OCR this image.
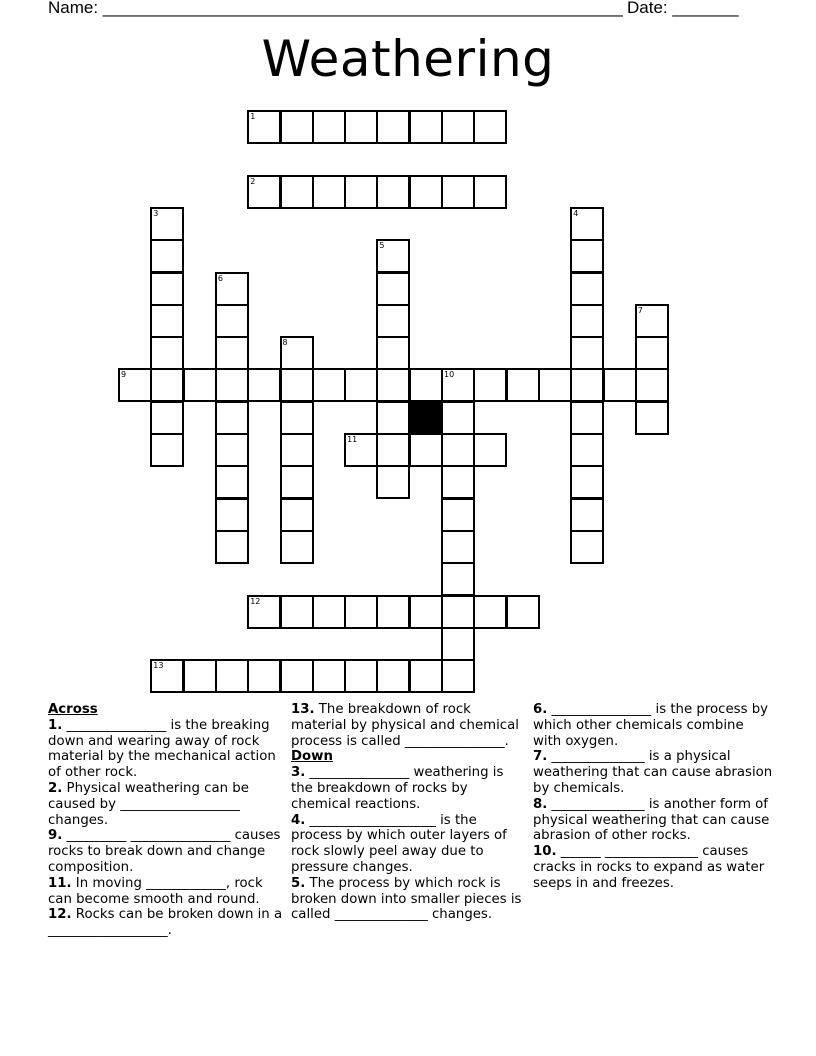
Name: _______________________________________________________ Date: _______
Weathering
1
2
3	4
5
6
7
8
9	10
11
12
13

Across

1. _______________ is the breaking down and wearing away of rock material by the mechanical action of other rock.

2. Physical weathering can be caused by __________________ changes.

9. _________ _______________ causes rocks to break down and change composition.

11. In moving ____________, rock can become smooth and round.

12. Rocks can be broken down in a __________________.

13. The breakdown of rock material by physical and chemical process is called _______________.

Down

3. _______________ weathering is the breakdown of rocks by chemical reactions.

4. ___________________ is the process by which outer layers of rock slowly peel away due to pressure changes.

5. The process by which rock is broken down into smaller pieces is called ______________ changes.

6. _______________ is the process by which other chemicals combine with oxygen.

7. ______________ is a physical weathering that can cause abrasion by chemicals.

8. ______________ is another form of physical weathering that can cause abrasion of other rocks.

10. ______ ______________ causes cracks in rocks to expand as water seeps in and freezes.
